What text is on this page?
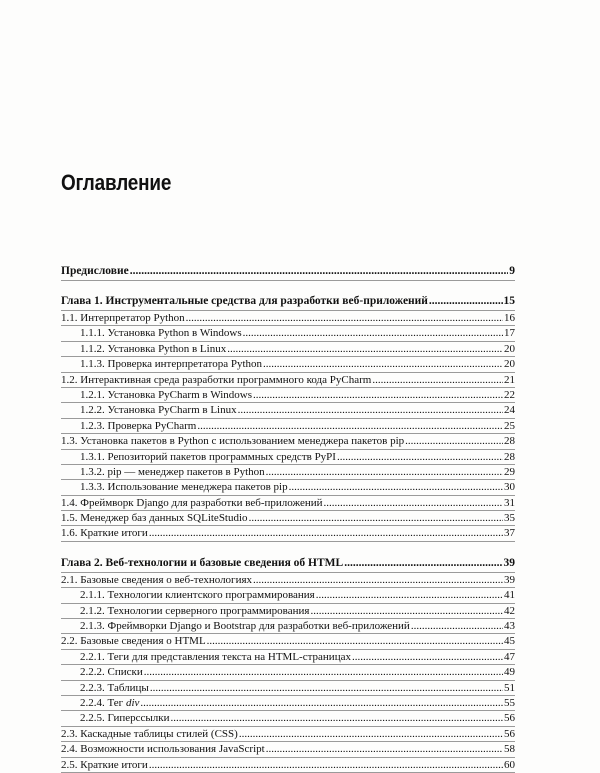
Оглавление
Предисловие .....	9
Глава 1. Инструментальные средства для разработки веб-приложений .....	15
1.1. Интерпретатор Python .....	16
1.1.1. Установка Python в Windows .....	17
1.1.2. Установка Python в Linux .....	20
1.1.3. Проверка интерпретатора Python .....	20
1.2. Интерактивная среда разработки программного кода PyCharm .....	21
1.2.1. Установка PyCharm в Windows .....	22
1.2.2. Установка PyCharm в Linux .....	24
1.2.3. Проверка PyCharm .....	25
1.3. Установка пакетов в Python с использованием менеджера пакетов pip .....	28
1.3.1. Репозиторий пакетов программных средств PyPI .....	28
1.3.2. pip — менеджер пакетов в Python .....	29
1.3.3. Использование менеджера пакетов pip .....	30
1.4. Фреймворк Django для разработки веб-приложений .....	31
1.5. Менеджер баз данных SQLiteStudio .....	35
1.6. Краткие итоги .....	37
Глава 2. Веб-технологии и базовые сведения об HTML .....	39
2.1. Базовые сведения о веб-технологиях .....	39
2.1.1. Технологии клиентского программирования .....	41
2.1.2. Технологии серверного программирования .....	42
2.1.3. Фреймворки Django и Bootstrap для разработки веб-приложений .....	43
2.2. Базовые сведения о HTML .....	45
2.2.1. Теги для представления текста на HTML-страницах .....	47
2.2.2. Списки .....	49
2.2.3. Таблицы .....	51
2.2.4. Тег div .....	55
2.2.5. Гиперссылки .....	56
2.3. Каскадные таблицы стилей (CSS) .....	56
2.4. Возможности использования JavaScript .....	58
2.5. Краткие итоги .....	60
